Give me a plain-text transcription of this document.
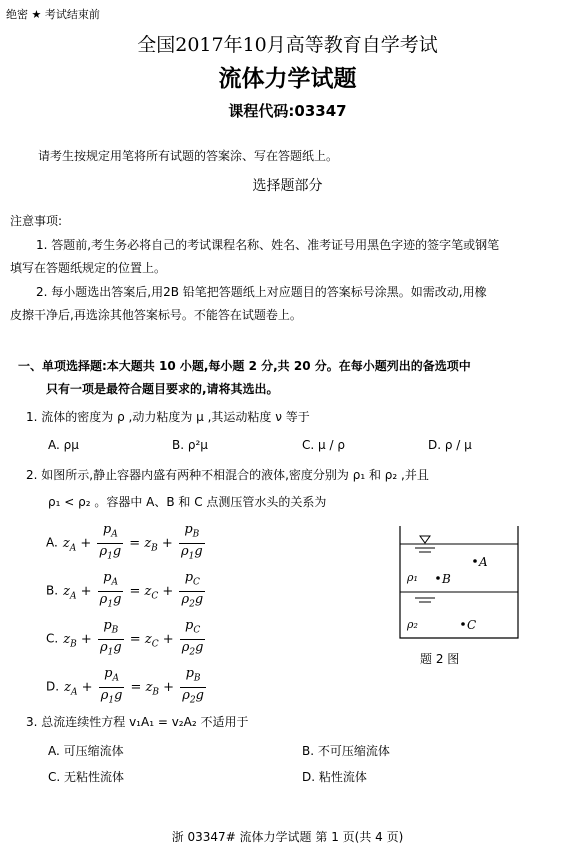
绝密 ★ 考试结束前
全国2017年10月高等教育自学考试
流体力学试题
课程代码:03347
请考生按规定用笔将所有试题的答案涂、写在答题纸上。
选择题部分
注意事项:
1. 答题前,考生务必将自己的考试课程名称、姓名、准考证号用黑色字迹的签字笔或钢笔
填写在答题纸规定的位置上。
2. 每小题选出答案后,用2B 铅笔把答题纸上对应题目的答案标号涂黑。如需改动,用橡
皮擦干净后,再选涂其他答案标号。不能答在试题卷上。
一、单项选择题:本大题共 10 小题,每小题 2 分,共 20 分。在每小题列出的备选项中
只有一项是最符合题目要求的,请将其选出。
1. 流体的密度为 ρ ,动力粘度为 μ ,其运动粘度 ν 等于
A. ρμ	B. ρ²μ	C. μ / ρ	D. ρ / μ
2. 如图所示,静止容器内盛有两种不相混合的液体,密度分别为 ρ₁ 和 ρ₂ ,并且
ρ₁ < ρ₂ 。容器中 A、B 和 C 点测压管水头的关系为
A. $z_A + \frac{p_A}{\rho_1g} = z_B + \frac{p_B}{\rho_1g}$
B. $z_A + \frac{p_A}{\rho_1g} = z_C + \frac{p_C}{\rho_2g}$
C. $z_B + \frac{p_B}{\rho_1g} = z_C + \frac{p_C}{\rho_2g}$
D. $z_A + \frac{p_A}{\rho_1g} = z_B + \frac{p_B}{\rho_2g}$
A
B
C
ρ₁
ρ₂
题 2 图
3. 总流连续性方程 v₁A₁ = v₂A₂ 不适用于
A. 可压缩流体	B. 不可压缩流体
C. 无粘性流体	D. 粘性流体
浙 03347# 流体力学试题 第 1 页(共 4 页)
